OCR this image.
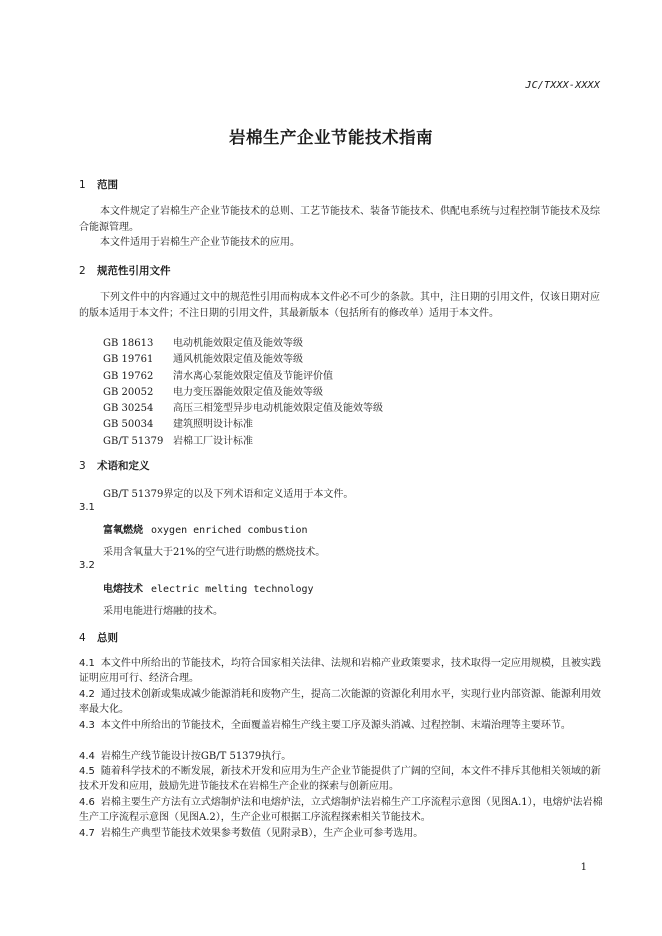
JC/TXXX-XXXX
岩棉生产企业节能技术指南
1 范围
本文件规定了岩棉生产企业节能技术的总则、工艺节能技术、装备节能技术、供配电系统与过程控制节能技术及综合能源管理。
本文件适用于岩棉生产企业节能技术的应用。
2 规范性引用文件
下列文件中的内容通过文中的规范性引用而构成本文件必不可少的条款。其中，注日期的引用文件，仅该日期对应的版本适用于本文件；不注日期的引用文件，其最新版本（包括所有的修改单）适用于本文件。
GB 18613 电动机能效限定值及能效等级
GB 19761 通风机能效限定值及能效等级
GB 19762 清水离心泵能效限定值及节能评价值
GB 20052 电力变压器能效限定值及能效等级
GB 30254 高压三相笼型异步电动机能效限定值及能效等级
GB 50034 建筑照明设计标准
GB/T 51379 岩棉工厂设计标准
3 术语和定义
GB/T 51379界定的以及下列术语和定义适用于本文件。
3.1
富氧燃烧 oxygen enriched combustion
采用含氧量大于21%的空气进行助燃的燃烧技术。
3.2
电熔技术 electric melting technology
采用电能进行熔融的技术。
4 总则
4.1 本文件中所给出的节能技术，均符合国家相关法律、法规和岩棉产业政策要求，技术取得一定应用规模，且被实践证明应用可行、经济合理。
4.2 通过技术创新或集成减少能源消耗和废物产生，提高二次能源的资源化利用水平，实现行业内部资源、能源利用效率最大化。
4.3 本文件中所给出的节能技术，全面覆盖岩棉生产线主要工序及源头消减、过程控制、末端治理等主要环节。
4.4 岩棉生产线节能设计按GB/T 51379执行。
4.5 随着科学技术的不断发展，新技术开发和应用为生产企业节能提供了广阔的空间，本文件不排斥其他相关领域的新技术开发和应用，鼓励先进节能技术在岩棉生产企业的探索与创新应用。
4.6 岩棉主要生产方法有立式熔制炉法和电熔炉法，立式熔制炉法岩棉生产工序流程示意图（见图A.1），电熔炉法岩棉生产工序流程示意图（见图A.2），生产企业可根据工序流程探索相关节能技术。
4.7 岩棉生产典型节能技术效果参考数值（见附录B），生产企业可参考选用。
1
